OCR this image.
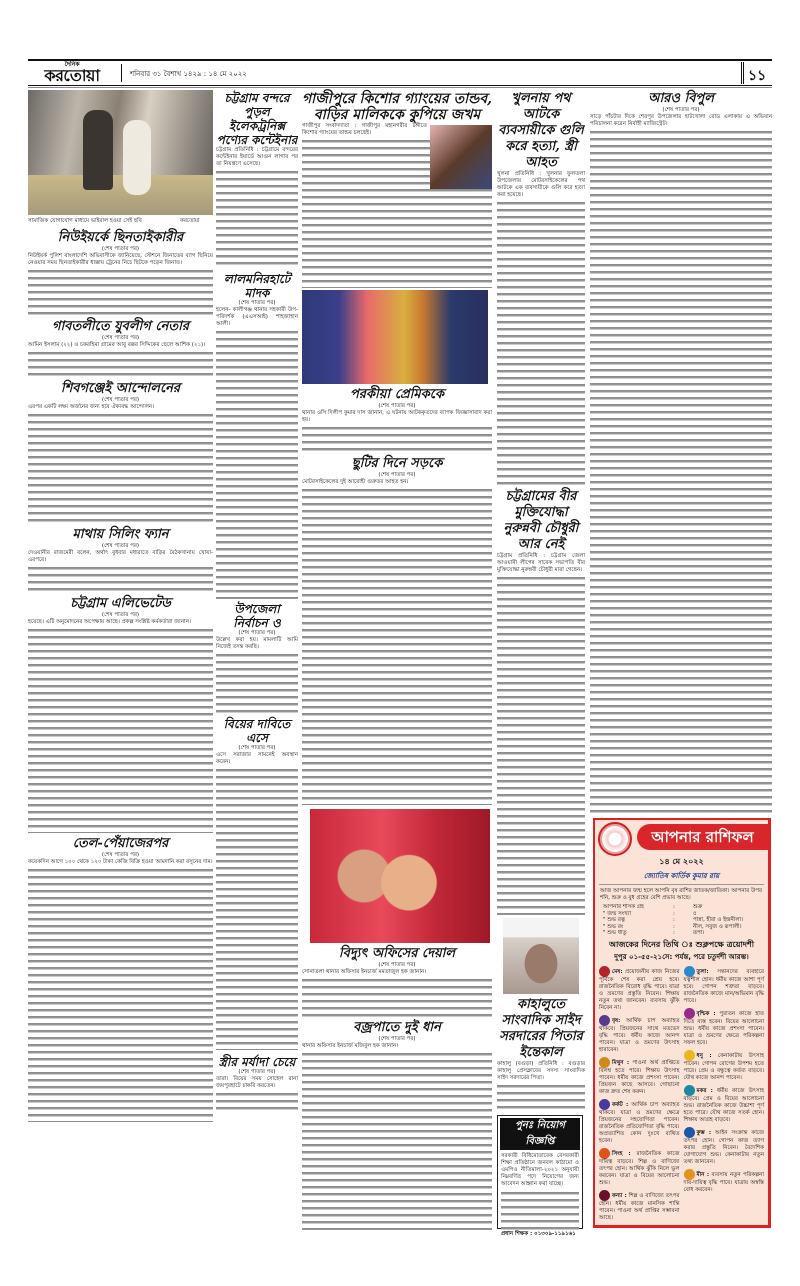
দৈনিক
করতোয়া	শনিবার ৩১ বৈশাখ ১৪২৯ : ১৪ মে ২০২২	১১
সামাজিক যোগাযোগ মাধ্যমে ভাইরাল হওয়া সেই ছবি	করতোয়া
নিউইয়র্কে ছিনতাইকারীর
(শেষ পাতার পর)
নিউইয়র্ক পুলিশ বাংলাদেশি অভিবাসীকে জানিয়েছে, স্টেশনে জিনাতের ব্যাগ ছিনিয়ে নেওয়ার সময় ছিনতাইকারীর ধাক্কায় ট্রেনের নিচে ছিটকে পড়েন জিনাত।
গাবতলীতে যুবলীগ নেতার
(শেষ পাতার পর)
আমিন ইসলাম (২২) ও চকরহিমা গ্রামের আবু বক্কর সিদ্দিকের ছেলে আশিক (২১)।
শিবগঞ্জেই আন্দোলনের
(শেষ পাতার পর)
এরপর একটি লক্ষ্য অর্জনের জন্য হবে ঐক্যবদ্ধ আন্দোলন।
মাথায় সিলিং ফ্যান
(শেষ পাতার পর)
দেওয়ানীর রাজমেরী বলেন, অর্থাৎ বুধবার মধ্যরাতে বাড়ির বৈঠকখানায় খোয়া-এরপরে।
চট্টগ্রাম এলিভেটেড
(শেষ পাতার পর)
হয়েছে। এটি অনুমোদনের অপেক্ষায় আছে। প্রকল্প সংশ্লিষ্ট কর্মকর্তারা জানান।
তেল-পেঁয়াজেরপর
(শেষ পাতার পর)
কয়েকদিন আগে ১০০ থেকে ১২০ টাকা কেজি বিক্রি হওয়া আমদানি করা রসুনের দাম।
চট্টগ্রাম বন্দরে পুড়ল ইলেকট্রনিক্স পণ্যের কন্টেইনার
চট্টগ্রাম প্রতিনিধি : চট্টগ্রামে বন্দরের কন্টেইনার ইয়ার্ডে আগুন লাগার পর তা নিয়ন্ত্রণে এসেছে।
লালমনিরহাটে মাদক
(শেষ পাতার পর)
হলেন- কালীগঞ্জ থানার সহকারী উপ-পরিদর্শক (এএসআই) শাহজাহান আলী।
উপজেলা নির্বাচন ও
(শেষ পাতার পর)
উল্লেখ করা হয়। মামলাটি আমি নিজেই তদন্ত করছি।
বিয়ের দাবিতে এসে
(শেষ পাতার পর)
এসে সরাজার সামনেই অবস্থান করেন।
স্ত্রীর মর্যাদা চেয়ে
(শেষ পাতার পর)
তারা। বিয়ের সময় সোহেল রানা জয়পুরহাটে চাকরি করতেন।
গাজীপুরে কিশোর গ্যাংয়ের তান্ডব, বাড়ির মালিককে কুপিয়ে জখম
গাজীপুর সংবাদদাতা : গাজীপুর মহানগরীর টঙ্গীতে কিশোর গ্যাংয়ের তান্ডব চলছেই।
পরকীয়া প্রেমিককে
(শেষ পাতার পর)
থানার ওসি দিলীপ কুমার দাস জানান, এ ঘটনায় আটককৃতদের ব্যাপক জিজ্ঞাসাবাদ করা হয়।
ছুটির দিনে সড়কে
(শেষ পাতার পর)
মোটরসাইকেলের দুই আরোহী গুরুতর আহত হন।
বিদ্যুৎ অফিসের দেয়াল
(শেষ পাতার পর)
সোনাতলা থানার অফিসার ইনচার্জ মমতাজুল হক জানান।
বজ্রপাতে দুই ধান
(শেষ পাতার পর)
থানার অফিসার ইনচার্জ মজিবুল হক জানান।
খুলনায় পথ আটকে ব্যবসায়ীকে গুলি করে হত্যা, স্ত্রী আহত
খুলনা প্রতিনিধি : খুলনার ফুলতলা উপজেলায় মোটরসাইকেলের পথ আটকে এক ব্যবসায়ীকে গুলি করে হত্যা করা হয়েছে।
চট্টগ্রামের বীর মুক্তিযোদ্ধা নুরুন্নবী চৌধুরী আর নেই
চট্টগ্রাম প্রতিনিধি : চট্টগ্রাম জেলা আওয়ামী লীগের সাবেক সভাপতি বীর মুক্তিযোদ্ধা নুরুন্নবী চৌধুরী মারা গেছেন।
কাহালুতে সাংবাদিক সাইদ সরদারের পিতার ইন্তেকাল
কাহালু (বগুড়া) প্রতিনিধি : বগুড়ার কাহালু প্রেসক্লাবের সদস্য সাংবাদিক সাইদ সরদারের পিতা।
পুনঃ নিয়োগ বিজ্ঞপ্তি
সরকারী বিধিমোতাবেক বেসরকারী শিক্ষা প্রতিষ্ঠানে জনবল কাঠামো ও এমপিও নীতিমালা-২০২১ অনুযায়ী নিম্নবর্ণিত পদে নিয়োগের জন্য আবেদন আহ্বান করা যাচ্ছে।
প্রধান শিক্ষক : ০১৩০৯-১১৯১৬১
আরও বিপুল
(শেষ পাতার পর)
সাড়ে পাঁচটার দিকে শেরপুর উপজেলার হাটখোলা রোড এলাকায় এ অভিযান পরিচালনা করেন নির্বাহী ম্যাজিস্ট্রেট।
আপনার রাশিফল
১৪ মে ২০২২
জ্যোতিষ কার্তিক কুমার রায়
আজ আপনার জন্ম হলে আপনি বৃষ রাশির জাতক/জাতিকা। আপনার উপর শনি, শুক্র ও বুধ গ্রহের বেশি প্রভাব আছে।
আপনার শাসক গ্রহ	:	শুক্র
" জন্ম সংখ্যা	:	৫
" শুভ রত্ন	:	পান্না, হীরা ও ইন্দ্রনীলা।
" শুভ রং	:	নীল, সবুজ ও রূপালী।
" শুভ ধাতু	:	রূপা।
আজকের দিনের তিথি ঃ শুক্লপক্ষে ত্রয়োদশী
দুপুর ০১-৫৫-২১সে: পর্যন্ত, পরে চতুর্দশী আরম্ভ।
মেষ: প্রয়োজনীয় কাজ নিজের পূর্বিকে শেষ করা শ্রেয় হবে। রাজনৈতিক বিরোধ বৃদ্ধি পাবে। যাত্রা ও ভ্রমণের প্রস্তুতি নিবেন। শিক্ষায় নতুন তথ্য জানবেন। ব্যবসায় ঝুঁকি নিবেন না।
বৃষ: আর্থিক চাপ অব্যাহত থাকবে। প্রিয়জনের সাথে মতভেদ বৃদ্ধি পাবে। ধর্মীয় কাজে আনন্দ পাবেন। যাত্রা ও ভ্রমণের উৎসাহ হারাবেন।
মিথুন : পাওনা অর্থ প্রাপ্তিতে বিলম্ব হতে পারে। শিক্ষায় উৎসাহ পাবেন। ধর্মীয় কাজে প্রশংসা পাবেন। প্রিয়জন কাছে আসবে। গোছানো কাজ দ্রুত শেষ করুন।
কর্কট : আর্থিক চাপ অব্যাহত থাকবে। যাত্রা ও ভ্রমণের ক্ষেত্রে প্রিয়জনের সহযোগিতা পাবেন। রাজনৈতিক প্রতিযোগিতা বৃদ্ধি পাবে। অপ্রত্যাশিত কোন দুঃখে ব্যথিত হবেন।
সিংহ : রাজনৈতিক কাজে দায়িত্ব বাড়বে। শিল্প ও বাণিজ্যে তৎপর হোন। আর্থিক ঝুঁকি নিলে ভুল করবেন। যাত্রা ও বিয়ের আলোচনা শুভ।
কন্যা : শিল্প ও বাণিজ্যে তৎপর হোন। ধর্মীয় কাজে মানসিক শান্তি পাবেন। পাওনা অর্থ প্রাপ্তির সম্ভাবনা আছে।
তুলা: সন্তানদের ব্যবহারে যত্নশীল হোন। ধর্মীয় কাজে আশা পূর্ণ হবে। গোপন শত্রুতা বাড়বে। রাজনৈতিক কাজে মান/অভিমান বৃদ্ধি পাবে।
বৃশ্চিক : পুরাতন কাজে হাত দিতে ব্যস্ত হবেন। বিয়ের আলোচনা শুভ। ধর্মীয় কাজে প্রশংসা পাবেন। যাত্রা ও ভ্রমণের ক্ষেত্রে পরিকল্পনা সফল হবে।
ধনু : কেনাকাটায় উৎসাহ পাবেন। গোপন রোগের উপশম হতে পারে। প্রেম ও বন্ধুত্বে কর্তব্য বাড়বে। যৌথ কাজে আনন্দ পাবেন।
মকর : ধর্মীয় কাজে উৎসাহ বাড়বে। প্রেম ও বিয়ের আলোচনা শুভ। রাজনৈতিক কাজে উচ্চাশা পূর্ণ হতে পারে। যৌথ কাজে সতর্ক হোন। শিক্ষায় আগ্রহ বাড়বে।
কুম্ভ : আইন সংক্রান্ত কাজে তৎপর হোন। গোপন কাজ ত্যাগ করার প্রস্তুতি নিবেন। বৈদেশিক যোগাযোগ শুভ। কেনাকাটায় নতুন তথ্য জানবেন।
মীন : ব্যবসায় নতুন পরিকল্পনা দায়-দায়িত্ব বৃদ্ধি পাবে। যাত্রায় অস্বস্তি বোধ করবেন।
